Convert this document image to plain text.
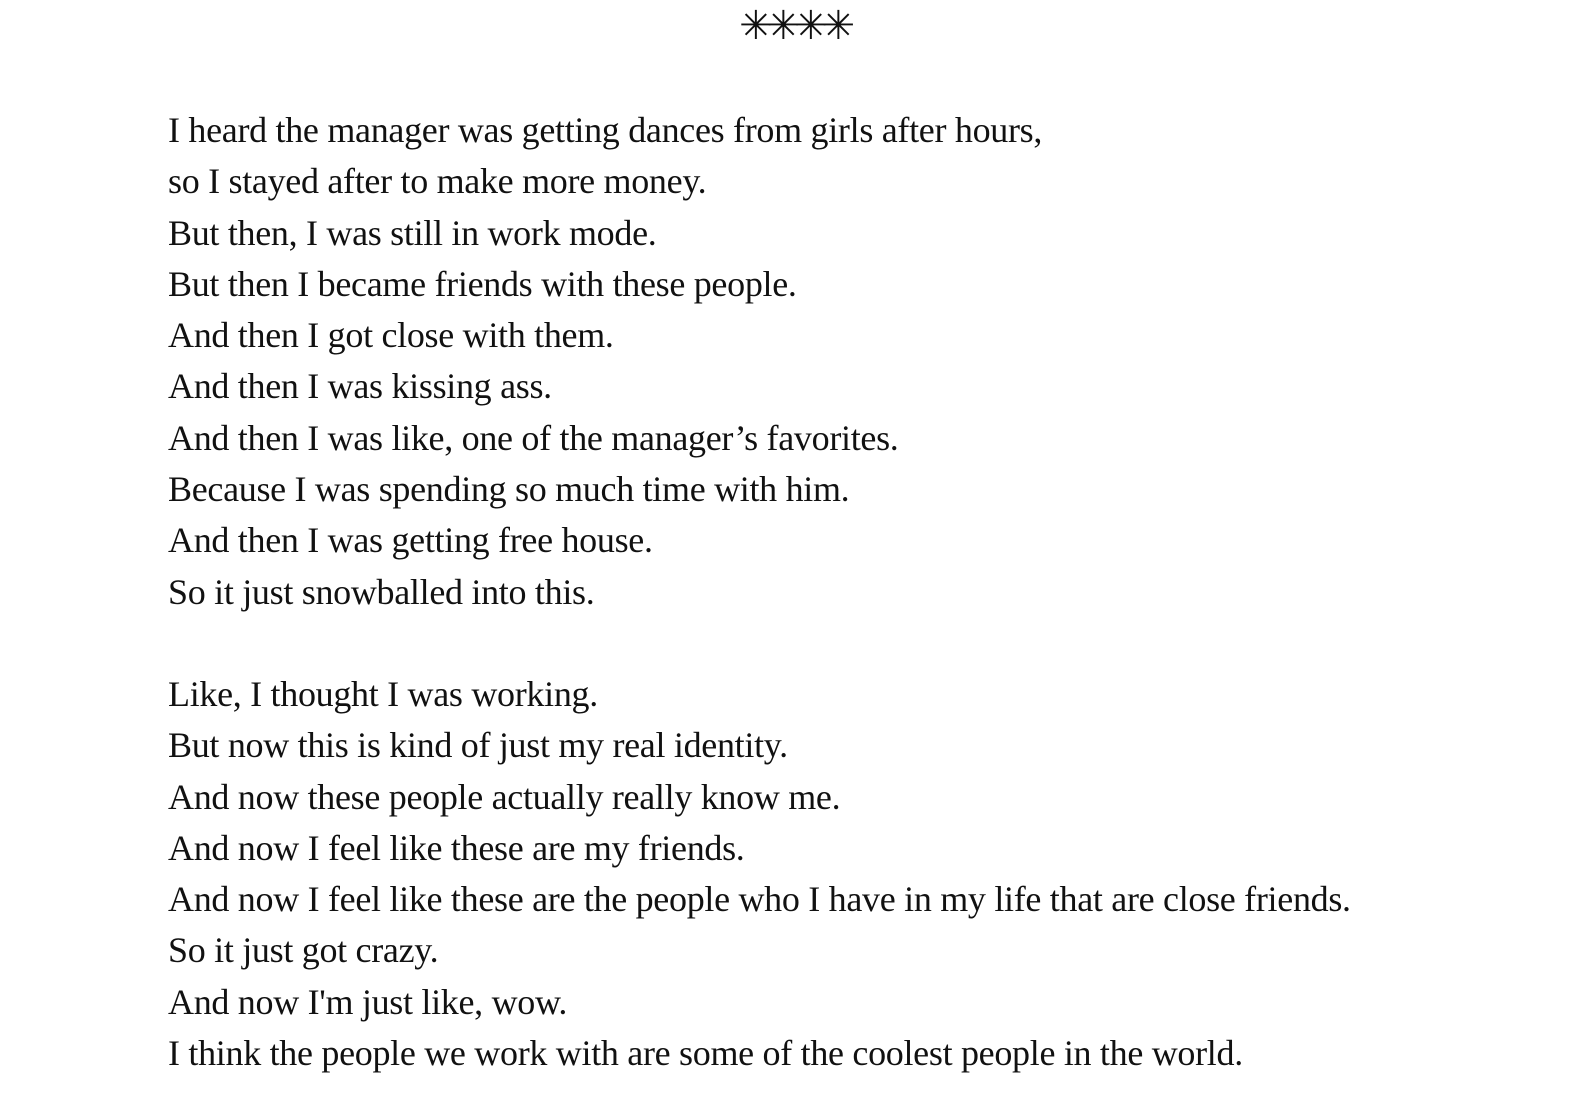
✳✳✳✳
I heard the manager was getting dances from girls after hours,
so I stayed after to make more money.
But then, I was still in work mode.
But then I became friends with these people.
And then I got close with them.
And then I was kissing ass.
And then I was like, one of the manager’s favorites.
Because I was spending so much time with him.
And then I was getting free house.
So it just snowballed into this.
Like, I thought I was working.
But now this is kind of just my real identity.
And now these people actually really know me.
And now I feel like these are my friends.
And now I feel like these are the people who I have in my life that are close friends.
So it just got crazy.
And now I'm just like, wow.
I think the people we work with are some of the coolest people in the world.
